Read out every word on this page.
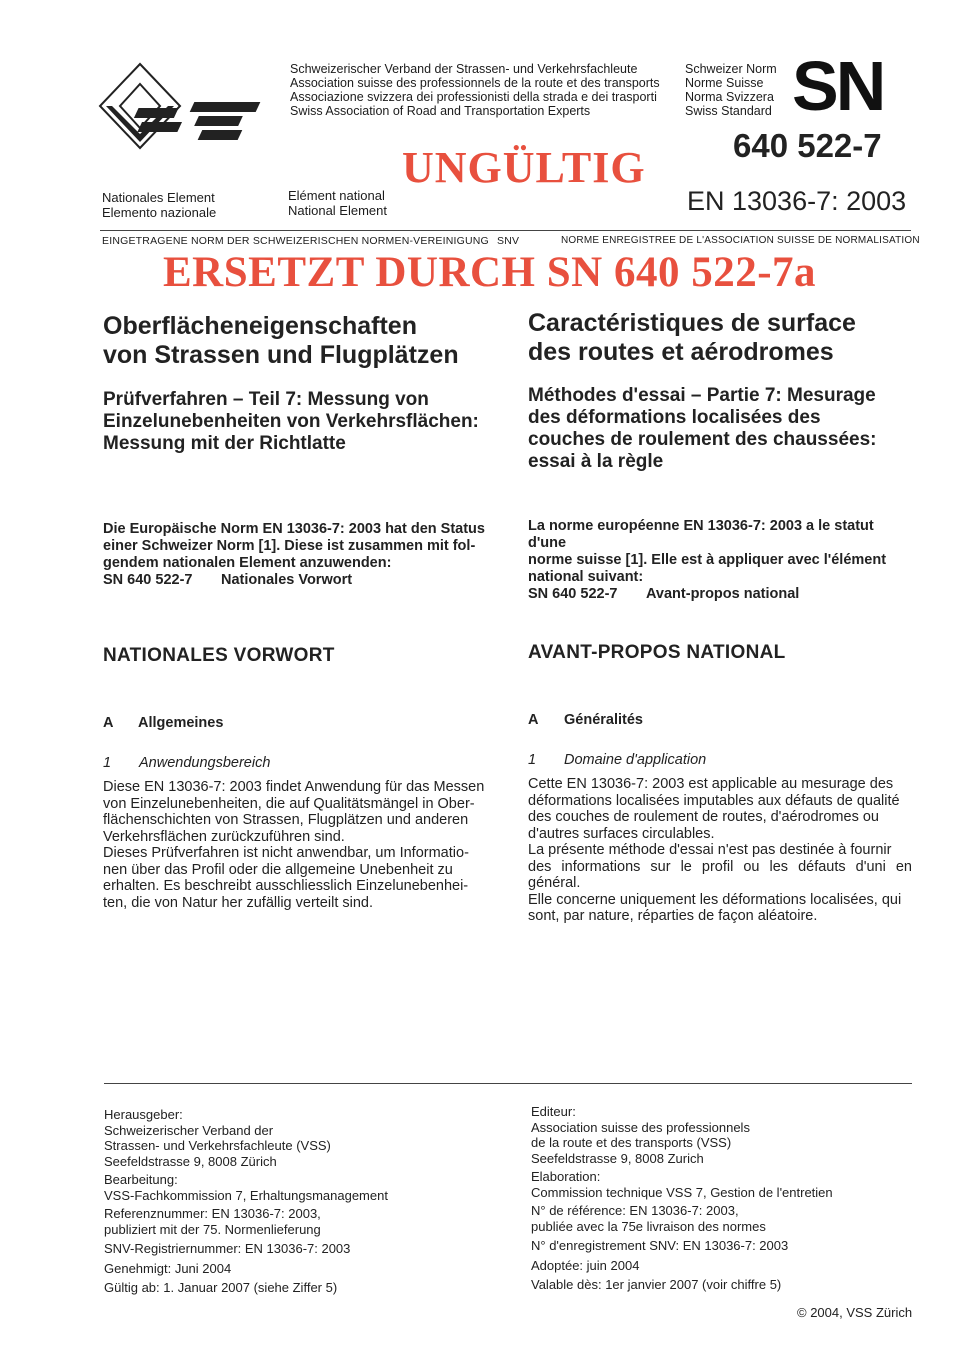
Schweizerischer Verband der Strassen- und Verkehrsfachleute
Association suisse des professionnels de la route et des transports
Associazione svizzera dei professionisti della strada e dei trasporti
Swiss Association of Road and Transportation Experts
Schweizer Norm
Norme Suisse
Norma Svizzera
Swiss Standard SN
640 522-7
UNGÜLTIG
Nationales Element
Elemento nazionale
Elément national
National Element	EN 13036-7: 2003
EINGETRAGENE NORM DER SCHWEIZERISCHEN NORMEN-VEREINIGUNG SNV	NORME ENREGISTREE DE L'ASSOCIATION SUISSE DE NORMALISATION
ERSETZT DURCH SN 640 522-7a
Oberflächeneigenschaften
von Strassen und Flugplätzen
Prüfverfahren – Teil 7: Messung von
Einzelunebenheiten von Verkehrsflächen:
Messung mit der Richtlatte
Die Europäische Norm EN 13036-7: 2003 hat den Status
einer Schweizer Norm [1]. Diese ist zusammen mit fol-
gendem nationalen Element anzuwenden:
SN 640 522-7 Nationales Vorwort
NATIONALES VORWORT
A Allgemeines
1 Anwendungsbereich
Diese EN 13036-7: 2003 findet Anwendung für das Messen
von Einzelunebenheiten, die auf Qualitätsmängel in Ober-
flächenschichten von Strassen, Flugplätzen und anderen
Verkehrsflächen zurückzuführen sind.
Dieses Prüfverfahren ist nicht anwendbar, um Informatio-
nen über das Profil oder die allgemeine Unebenheit zu
erhalten. Es beschreibt ausschliesslich Einzelunebenhei-
ten, die von Natur her zufällig verteilt sind.
Caractéristiques de surface
des routes et aérodromes
Méthodes d'essai – Partie 7: Mesurage
des déformations localisées des
couches de roulement des chaussées:
essai à la règle
La norme européenne EN 13036-7: 2003 a le statut d'une
norme suisse [1]. Elle est à appliquer avec l'élément
national suivant:
SN 640 522-7 Avant-propos national
AVANT-PROPOS NATIONAL
A Généralités
1 Domaine d'application
Cette EN 13036-7: 2003 est applicable au mesurage des
déformations localisées imputables aux défauts de qualité
des couches de roulement de routes, d'aérodromes ou
d'autres surfaces circulables.
La présente méthode d'essai n'est pas destinée à fournir
des informations sur le profil ou les défauts d'uni en général.
Elle concerne uniquement les déformations localisées, qui
sont, par nature, réparties de façon aléatoire.
Herausgeber:
Schweizerischer Verband der
Strassen- und Verkehrsfachleute (VSS)
Seefeldstrasse 9, 8008 Zürich
Bearbeitung:
VSS-Fachkommission 7, Erhaltungsmanagement
Referenznummer: EN 13036-7: 2003,
publiziert mit der 75. Normenlieferung
SNV-Registriernummer: EN 13036-7: 2003
Genehmigt: Juni 2004
Gültig ab: 1. Januar 2007 (siehe Ziffer 5)
Editeur:
Association suisse des professionnels
de la route et des transports (VSS)
Seefeldstrasse 9, 8008 Zurich
Elaboration:
Commission technique VSS 7, Gestion de l'entretien
N° de référence: EN 13036-7: 2003,
publiée avec la 75e livraison des normes
N° d'enregistrement SNV: EN 13036-7: 2003
Adoptée: juin 2004
Valable dès: 1er janvier 2007 (voir chiffre 5)
© 2004, VSS Zürich
